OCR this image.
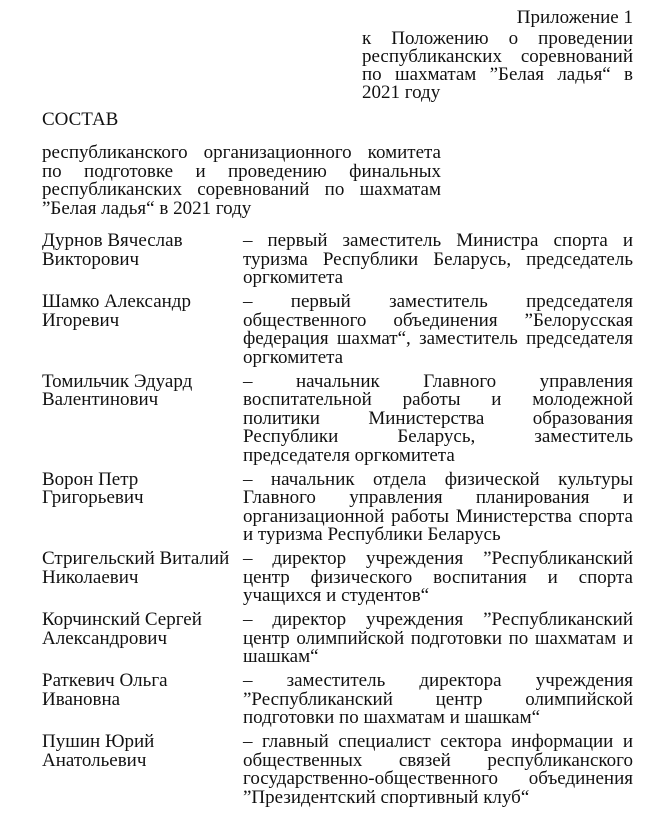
Приложение 1
к Положению о проведении республиканских соревнований по шахматам ”Белая ладья“ в 2021 году
СОСТАВ
республиканского организационного комитета по подготовке и проведению финальных республиканских соревнований по шахматам ”Белая ладья“ в 2021 году
Дурнов Вячеслав
Викторович
– первый заместитель Министра спорта и туризма Республики Беларусь, председатель оргкомитета
Шамко Александр
Игоревич
– первый заместитель председателя общественного объединения ”Белорусская федерация шахмат“, заместитель председателя оргкомитета
Томильчик Эдуард
Валентинович
– начальник Главного управления воспитательной работы и молодежной политики Министерства образования Республики Беларусь, заместитель председателя оргкомитета
Ворон Петр
Григорьевич
– начальник отдела физической культуры Главного управления планирования и организационной работы Министерства спорта и туризма Республики Беларусь
Стригельский Виталий
Николаевич
– директор учреждения ”Республиканский центр физического воспитания и спорта учащихся и студентов“
Корчинский Сергей
Александрович
– директор учреждения ”Республиканский центр олимпийской подготовки по шахматам и шашкам“
Раткевич Ольга
Ивановна
– заместитель директора учреждения ”Республиканский центр олимпийской подготовки по шахматам и шашкам“
Пушин Юрий
Анатольевич
– главный специалист сектора информации и общественных связей республиканского государственно-общественного объединения ”Президентский спортивный клуб“
